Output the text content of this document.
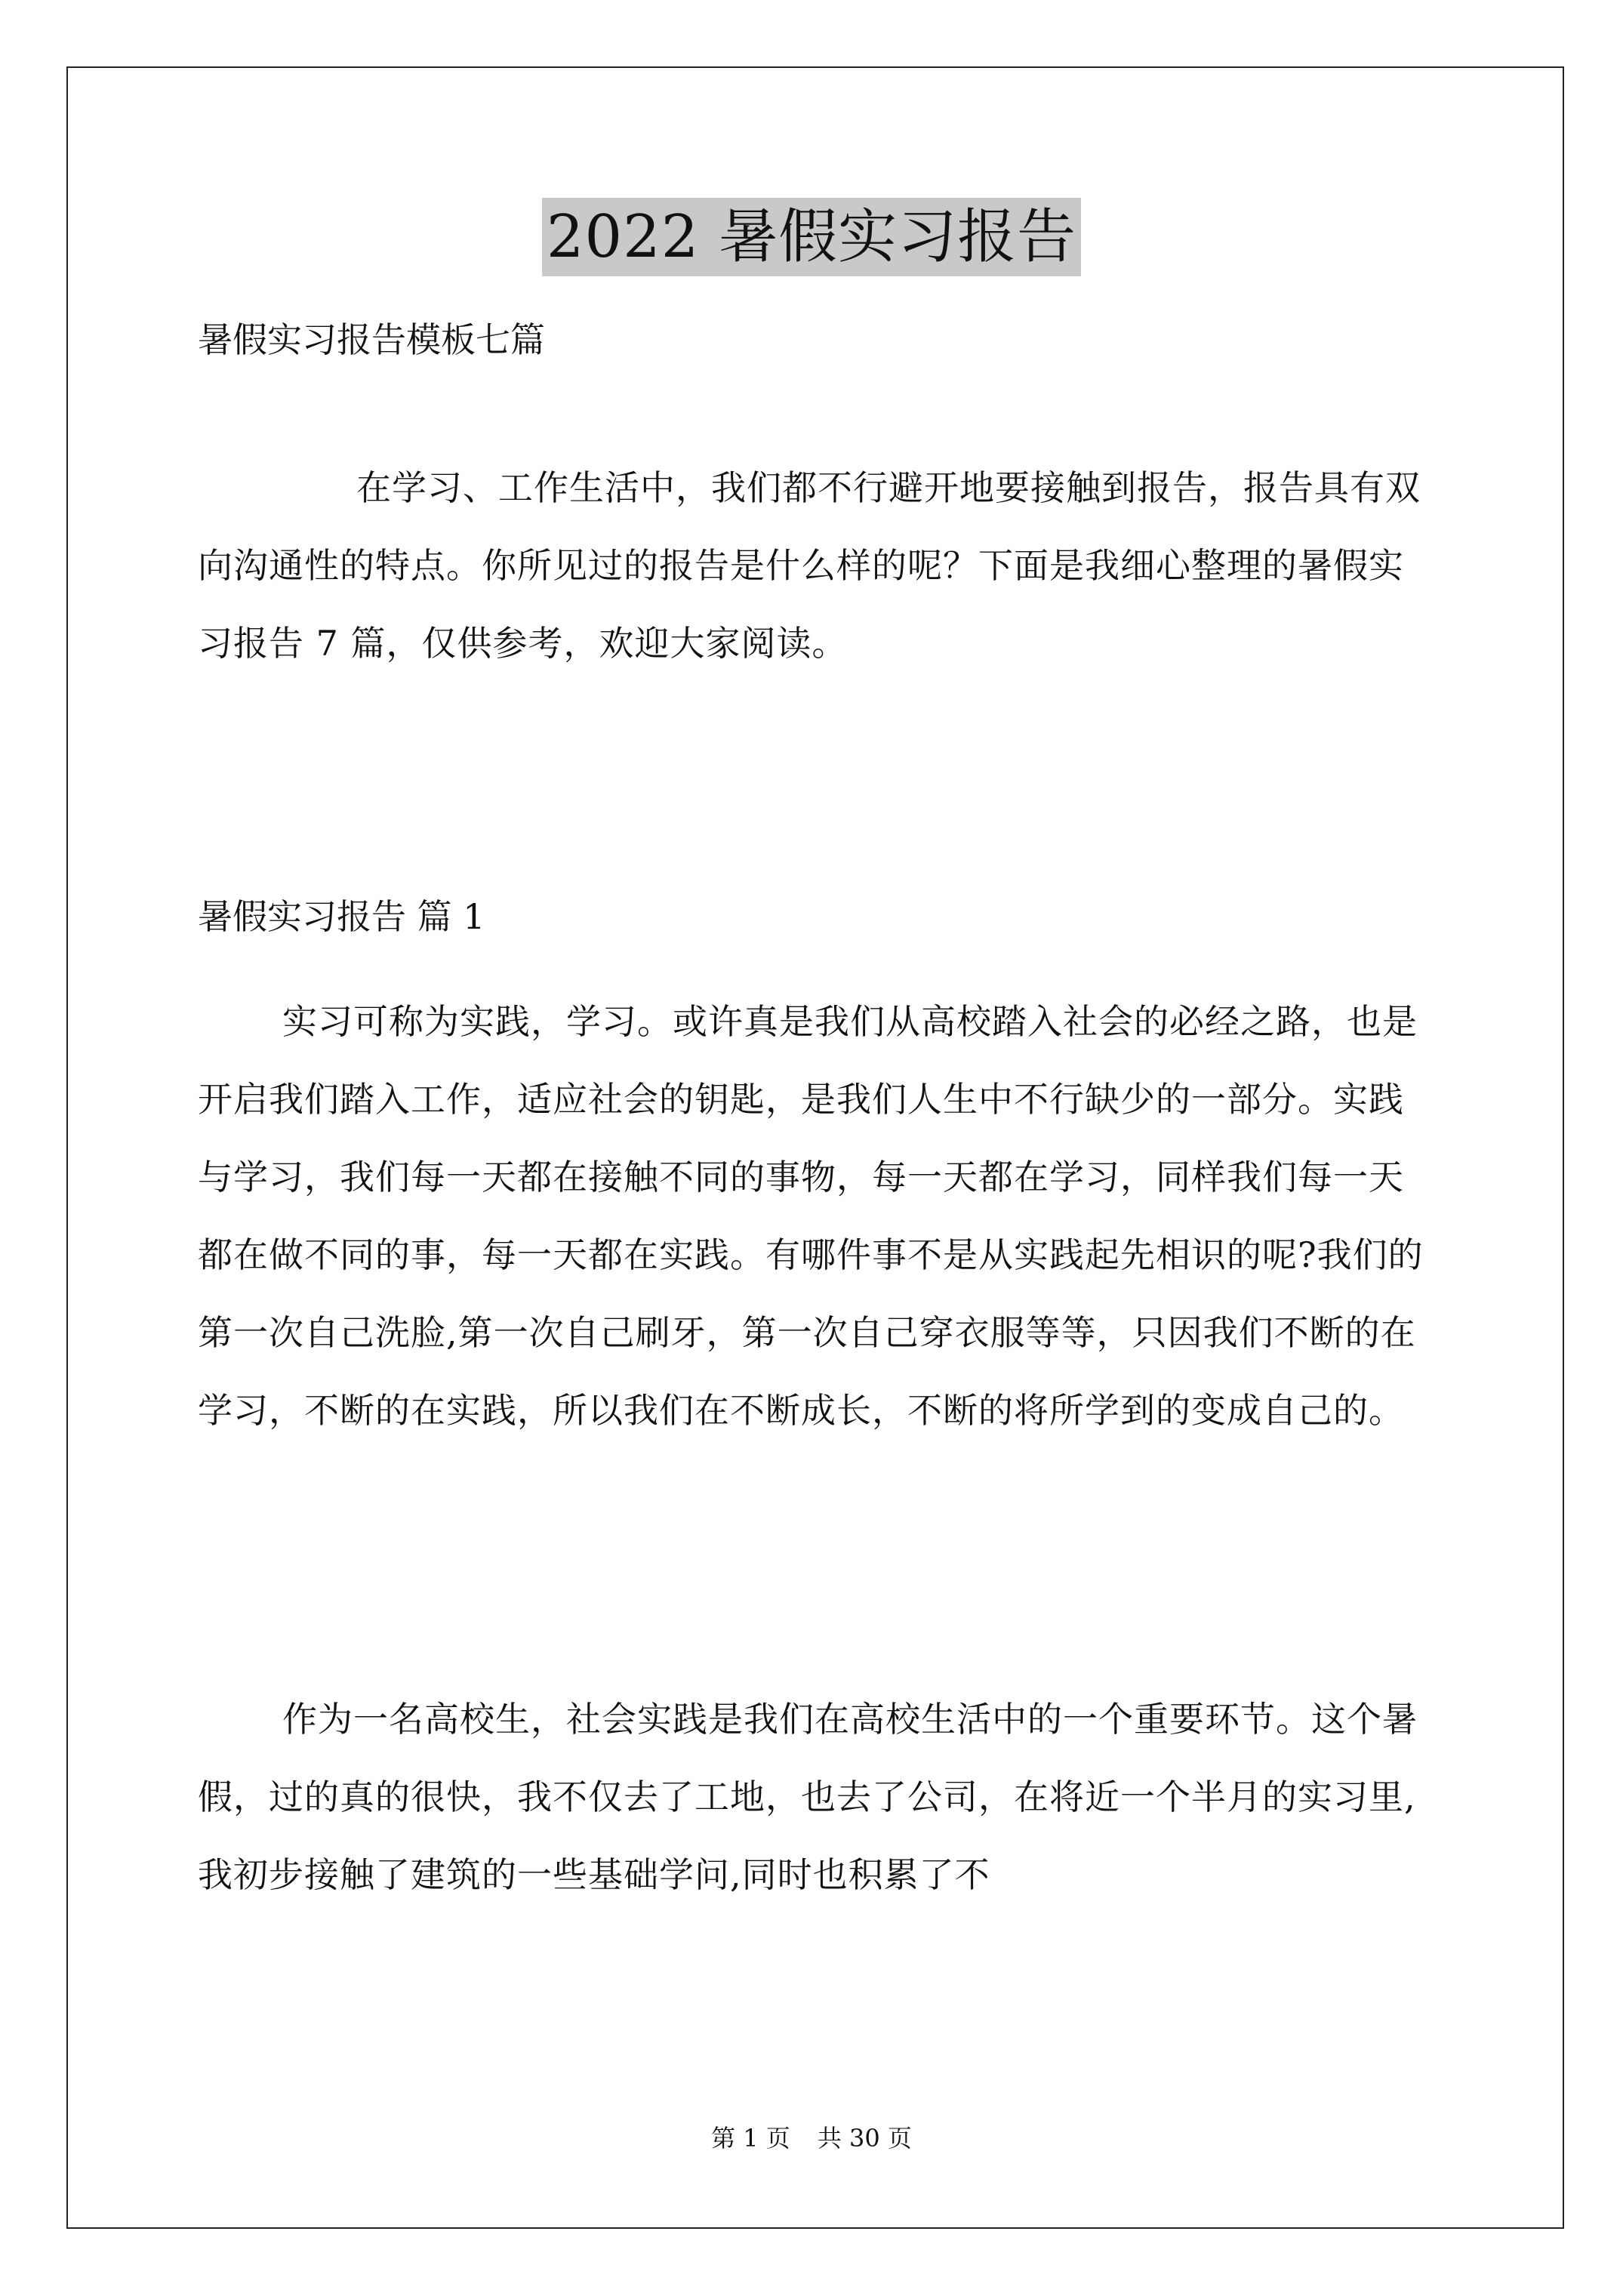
2022 暑假实习报告
暑假实习报告模板七篇

在学习、工作生活中，我们都不行避开地要接触到报告，报告具有双向沟通性的特点。你所见过的报告是什么样的呢？下面是我细心整理的暑假实习报告 7 篇，仅供参考，欢迎大家阅读。

暑假实习报告 篇 1

实习可称为实践，学习。或许真是我们从高校踏入社会的必经之路，也是开启我们踏入工作，适应社会的钥匙，是我们人生中不行缺少的一部分。实践与学习，我们每一天都在接触不同的事物，每一天都在学习，同样我们每一天都在做不同的事，每一天都在实践。有哪件事不是从实践起先相识的呢?我们的第一次自己洗脸,第一次自己刷牙，第一次自己穿衣服等等，只因我们不断的在学习，不断的在实践，所以我们在不断成长，不断的将所学到的变成自己的。

作为一名高校生，社会实践是我们在高校生活中的一个重要环节。这个暑假，过的真的很快，我不仅去了工地，也去了公司，在将近一个半月的实习里,我初步接触了建筑的一些基础学问,同时也积累了不

第 1 页 共 30 页
